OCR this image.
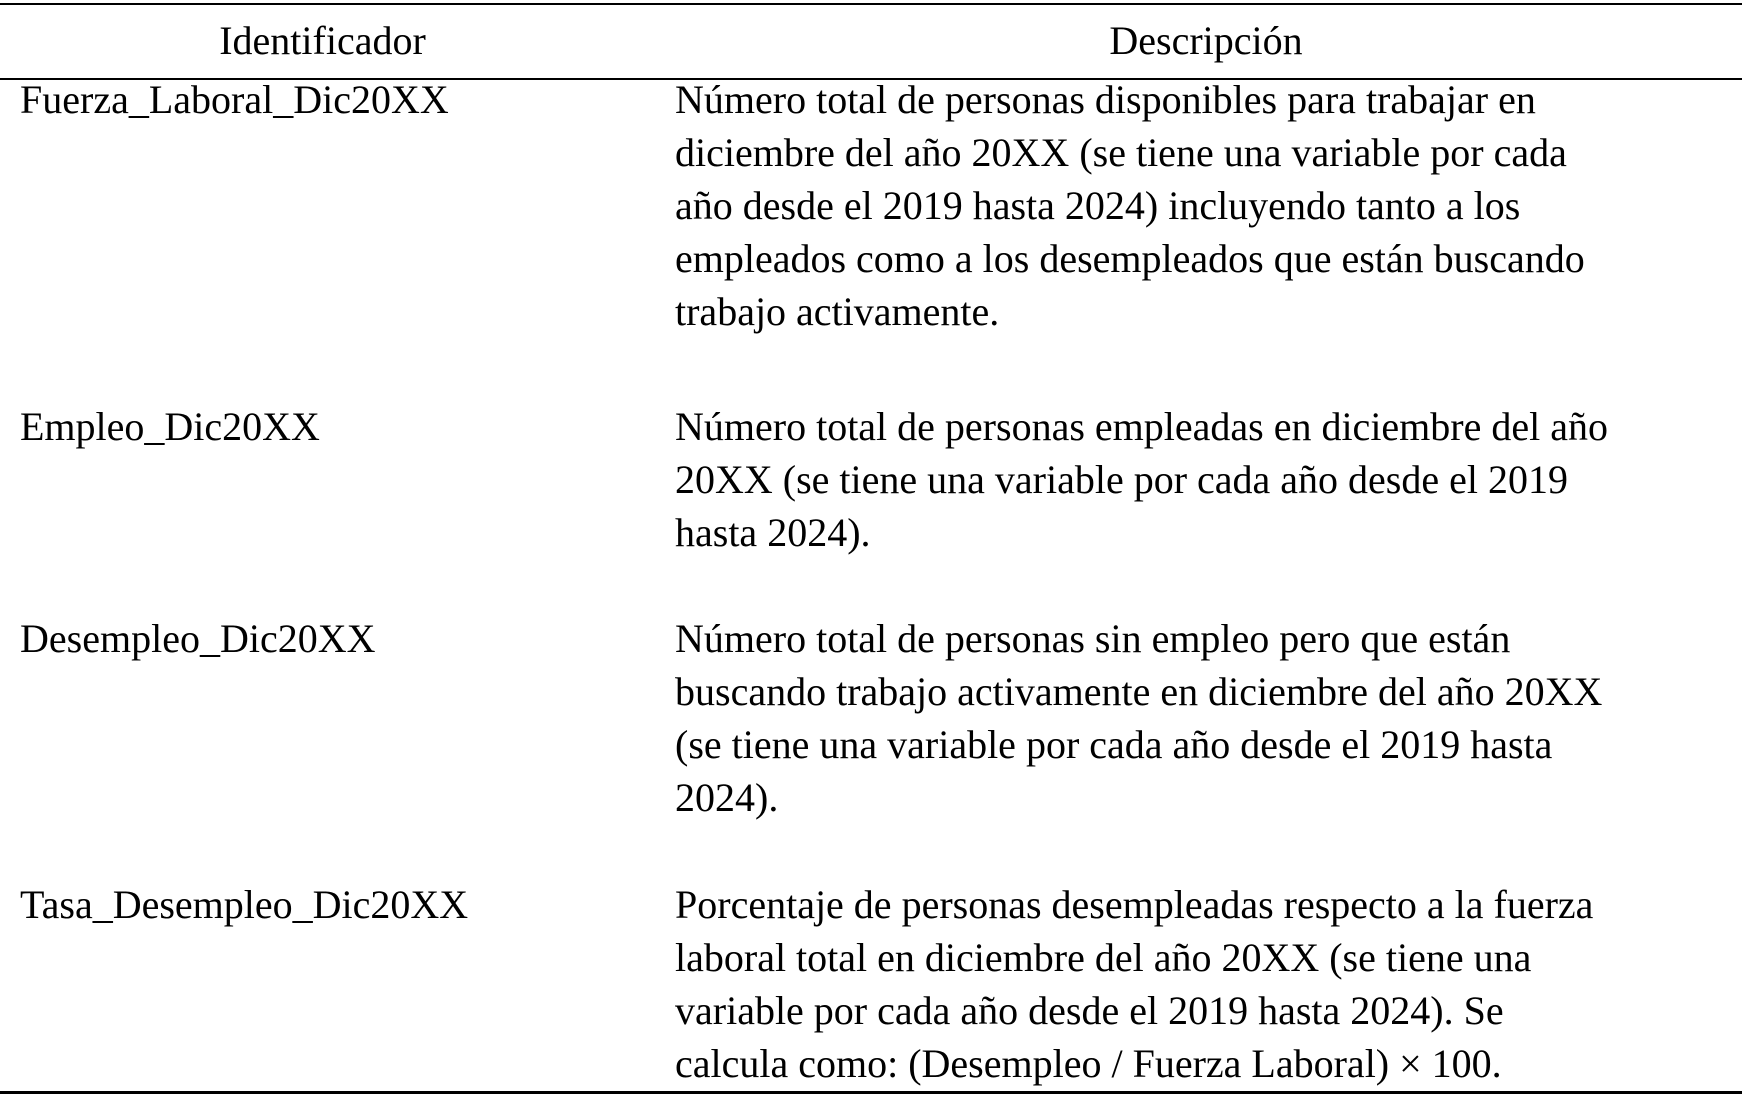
Identificador	Descripción
Fuerza_Laboral_Dic20XX	Número total de personas disponibles para trabajar en
diciembre del año 20XX (se tiene una variable por cada
año desde el 2019 hasta 2024) incluyendo tanto a los
empleados como a los desempleados que están buscando
trabajo activamente.
Empleo_Dic20XX	Número total de personas empleadas en diciembre del año
20XX (se tiene una variable por cada año desde el 2019
hasta 2024).
Desempleo_Dic20XX	Número total de personas sin empleo pero que están
buscando trabajo activamente en diciembre del año 20XX
(se tiene una variable por cada año desde el 2019 hasta
2024).
Tasa_Desempleo_Dic20XX	Porcentaje de personas desempleadas respecto a la fuerza
laboral total en diciembre del año 20XX (se tiene una
variable por cada año desde el 2019 hasta 2024). Se
calcula como: (Desempleo / Fuerza Laboral) × 100.
